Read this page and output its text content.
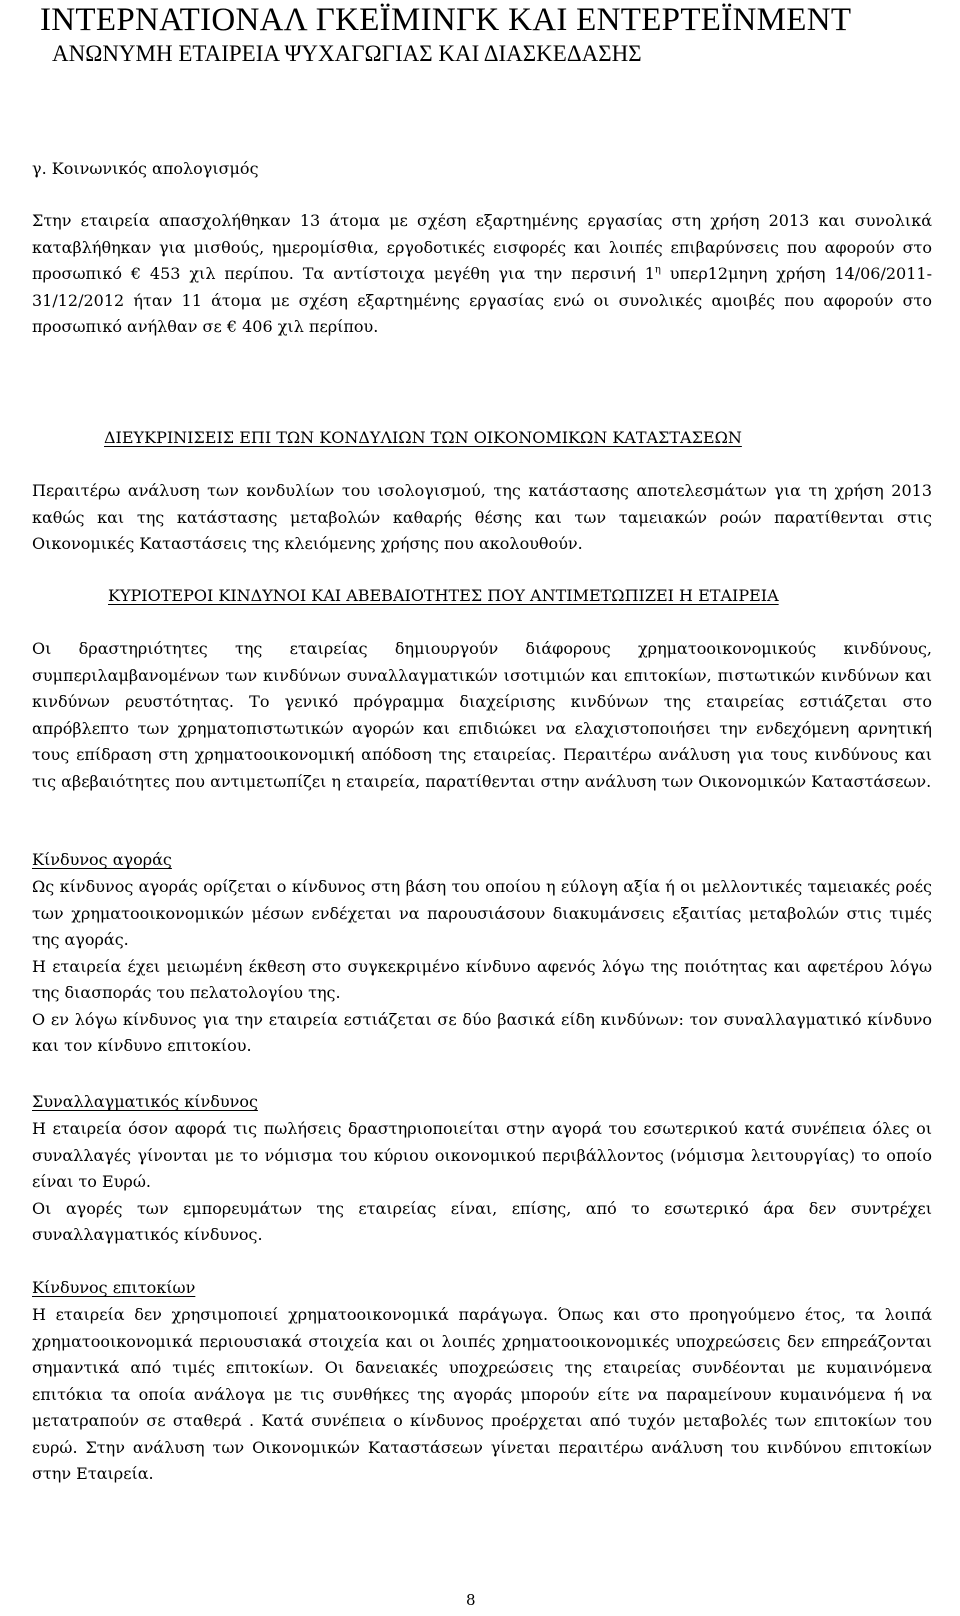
ΙΝΤΕΡΝΑΤΙΟΝΑΛ ΓΚΕΪΜΙΝΓΚ ΚΑΙ ΕΝΤΕΡΤΕΪΝΜΕΝΤ
ΑΝΩΝΥΜΗ ΕΤΑΙΡΕΙΑ ΨΥΧΑΓΩΓΙΑΣ ΚΑΙ ΔΙΑΣΚΕΔΑΣΗΣ
γ. Κοινωνικός απολογισμός

Στην εταιρεία απασχολήθηκαν 13 άτομα με σχέση εξαρτημένης εργασίας στη χρήση 2013 και συνολικά καταβλήθηκαν για μισθούς, ημερομίσθια, εργοδοτικές εισφορές και λοιπές επιβαρύνσεις που αφορούν στο προσωπικό € 453 χιλ περίπου. Τα αντίστοιχα μεγέθη για την περσινή $1^\eta$ υπερ12μηνη χρήση 14/06/2011-31/12/2012 ήταν 11 άτομα με σχέση εξαρτημένης εργασίας ενώ οι συνολικές αμοιβές που αφορούν στο προσωπικό ανήλθαν σε € 406 χιλ περίπου.

ΔΙΕΥΚΡΙΝΙΣΕΙΣ ΕΠΙ ΤΩΝ ΚΟΝΔΥΛΙΩΝ ΤΩΝ ΟΙΚΟΝΟΜΙΚΩΝ ΚΑΤΑΣΤΑΣΕΩΝ

Περαιτέρω ανάλυση των κονδυλίων του ισολογισμού, της κατάστασης αποτελεσμάτων για τη χρήση 2013 καθώς και της κατάστασης μεταβολών καθαρής θέσης και των ταμειακών ροών παρατίθενται στις Οικονομικές Καταστάσεις της κλειόμενης χρήσης που ακολουθούν.

ΚΥΡΙΟΤΕΡΟΙ ΚΙΝΔΥΝΟΙ ΚΑΙ ΑΒΕΒΑΙΟΤΗΤΕΣ ΠΟΥ ΑΝΤΙΜΕΤΩΠΙΖΕΙ Η ΕΤΑΙΡΕΙΑ

Οι δραστηριότητες της εταιρείας δημιουργούν διάφορους χρηματοοικονομικούς κινδύνους, συμπεριλαμβανομένων των κινδύνων συναλλαγματικών ισοτιμιών και επιτοκίων, πιστωτικών κινδύνων και κινδύνων ρευστότητας. Το γενικό πρόγραμμα διαχείρισης κινδύνων της εταιρείας εστιάζεται στο απρόβλεπτο των χρηματοπιστωτικών αγορών και επιδιώκει να ελαχιστοποιήσει την ενδεχόμενη αρνητική τους επίδραση στη χρηματοοικονομική απόδοση της εταιρείας. Περαιτέρω ανάλυση για τους κινδύνους και τις αβεβαιότητες που αντιμετωπίζει η εταιρεία, παρατίθενται στην ανάλυση των Οικονομικών Καταστάσεων.

Κίνδυνος αγοράς

Ως κίνδυνος αγοράς ορίζεται ο κίνδυνος στη βάση του οποίου η εύλογη αξία ή οι μελλοντικές ταμειακές ροές των χρηματοοικονομικών μέσων ενδέχεται να παρουσιάσουν διακυμάνσεις εξαιτίας μεταβολών στις τιμές της αγοράς.

Η εταιρεία έχει μειωμένη έκθεση στο συγκεκριμένο κίνδυνο αφενός λόγω της ποιότητας και αφετέρου λόγω της διασποράς του πελατολογίου της.

Ο εν λόγω κίνδυνος για την εταιρεία εστιάζεται σε δύο βασικά είδη κινδύνων: τον συναλλαγματικό κίνδυνο και τον κίνδυνο επιτοκίου.

Συναλλαγματικός κίνδυνος

Η εταιρεία όσον αφορά τις πωλήσεις δραστηριοποιείται στην αγορά του εσωτερικού κατά συνέπεια όλες οι συναλλαγές γίνονται με το νόμισμα του κύριου οικονομικού περιβάλλοντος (νόμισμα λειτουργίας) το οποίο είναι το Ευρώ.

Οι αγορές των εμπορευμάτων της εταιρείας είναι, επίσης, από το εσωτερικό άρα δεν συντρέχει συναλλαγματικός κίνδυνος.

Κίνδυνος επιτοκίων

Η εταιρεία δεν χρησιμοποιεί χρηματοοικονομικά παράγωγα. Όπως και στο προηγούμενο έτος, τα λοιπά χρηματοοικονομικά περιουσιακά στοιχεία και οι λοιπές χρηματοοικονομικές υποχρεώσεις δεν επηρεάζονται σημαντικά από τιμές επιτοκίων. Οι δανειακές υποχρεώσεις της εταιρείας συνδέονται με κυμαινόμενα επιτόκια τα οποία ανάλογα με τις συνθήκες της αγοράς μπορούν είτε να παραμείνουν κυμαινόμενα ή να μετατραπούν σε σταθερά . Κατά συνέπεια ο κίνδυνος προέρχεται από τυχόν μεταβολές των επιτοκίων του ευρώ. Στην ανάλυση των Οικονομικών Καταστάσεων γίνεται περαιτέρω ανάλυση του κινδύνου επιτοκίων στην Εταιρεία.

8
